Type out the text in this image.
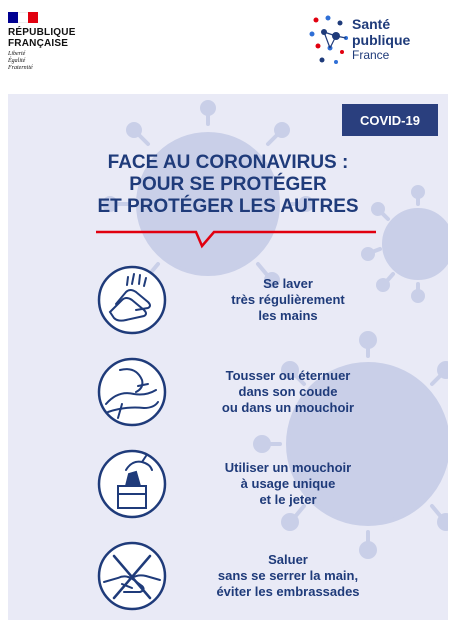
RÉPUBLIQUE
FRANÇAISE
Liberté
Égalité
Fraternité
Santé
publique
France
COVID-19
FACE AU CORONAVIRUS :
POUR SE PROTÉGER
ET PROTÉGER LES AUTRES
Se laver
très régulièrement
les mains
Tousser ou éternuer
dans son coude
ou dans un mouchoir
Utiliser un mouchoir
à usage unique
et le jeter
Saluer
sans se serrer la main,
éviter les embrassades
